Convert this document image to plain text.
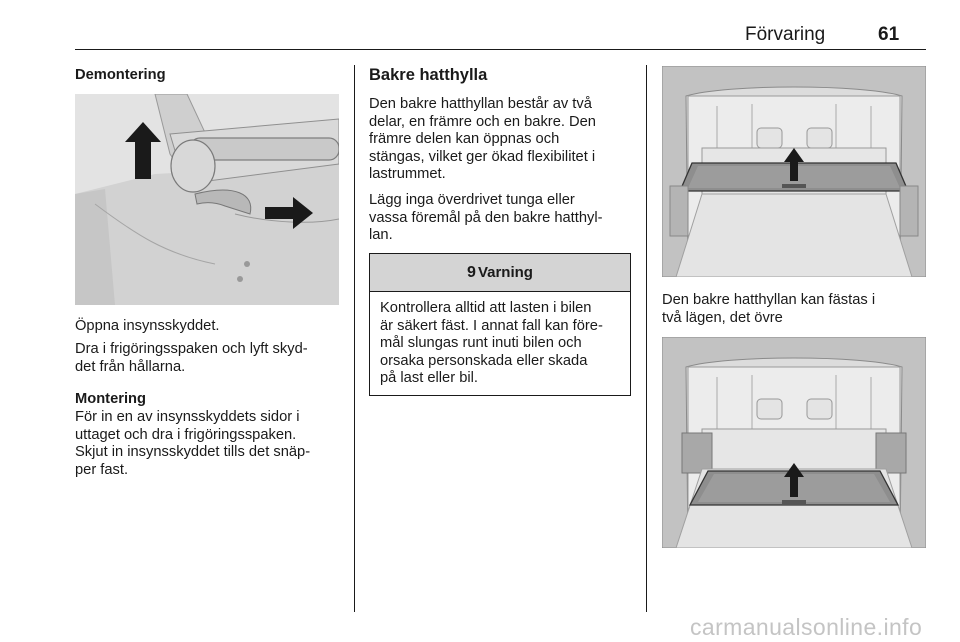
Förvaring	61
Demontering
Öppna insynsskyddet.
Dra i frigöringsspaken och lyft skyd-
det från hållarna.
Montering
För in en av insynsskyddets sidor i
uttaget och dra i frigöringsspaken.
Skjut in insynsskyddet tills det snäp-
per fast.
Bakre hatthylla
Den bakre hatthyllan består av två
delar, en främre och en bakre. Den
främre delen kan öppnas och
stängas, vilket ger ökad flexibilitet i
lastrummet.
Lägg inga överdrivet tunga eller
vassa föremål på den bakre hatthyl-
lan.
9 Varning
Kontrollera alltid att lasten i bilen
är säkert fäst. I annat fall kan före-
mål slungas runt inuti bilen och
orsaka personskada eller skada
på last eller bil.
Den bakre hatthyllan kan fästas i
två lägen, det övre
carmanualsonline.info
